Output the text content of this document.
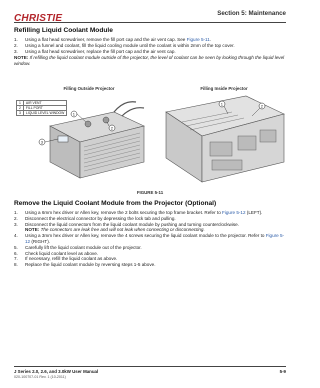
CHRISTIE	Section 5: Maintenance
Refilling Liquid Coolant Module
1. Using a flat head screwdriver, remove the fill port cap and the air vent cap. See Figure 5-11.
2. Using a funnel and coolant, fill the liquid cooling module until the coolant is within 2mm of the top cover.
3. Using a flat head screwdriver, replace the fill port cap and the air vent cap.
NOTE: If refilling the liquid coolant module outside of the projector, the level of coolant can be seen by looking through the liquid level window.
Filling Outside Projector	Filling Inside Projector
1
2
3
1	AIR VENT
2	FILL PORT
3	LIQUID LEVEL WINDOW
1	2
FIGURE 5-11
Remove the Liquid Coolant Module from the Projector (Optional)
1. Using a 6mm hex driver or Allen key, remove the 2 bolts securing the top frame bracket. Refer to Figure 5-12 (LEFT).
2. Disconnect the electrical connector by depressing the lock tab and pulling.
3. Disconnect the liquid connectors from the liquid coolant module by pushing and turning counterclockwise.
NOTE: The connectors are leak free and will not leak when connecting or disconnecting.
4. Using a 3mm hex driver or Allen key, remove the 4 screws securing the liquid coolant module to the projector. Refer to Figure 5-12 (RIGHT).
5. Carefully lift the liquid coolant module out of the projector.
6. Check liquid coolant level as above.
7. If necessary, refill the liquid coolant as above.
8. Replace the liquid coolant module by reversing steps 1-5 above.
J Series 2.0, 2.6, and 3.0kW User Manual
020-100707-01 Rev. 1 (10-2011)
5-9
